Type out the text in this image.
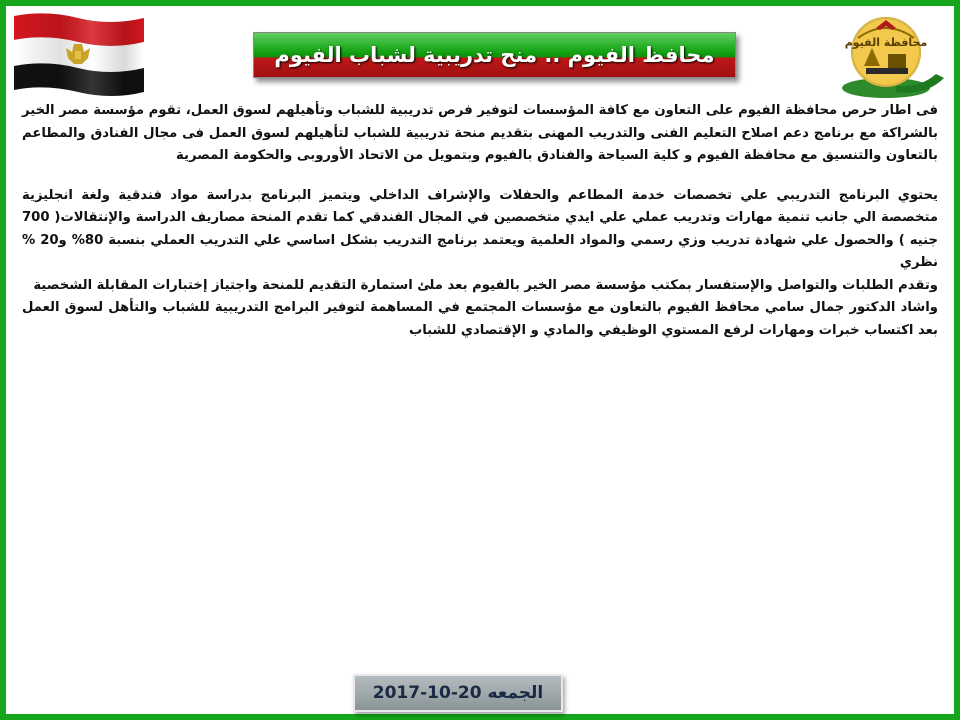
محافظة الفيوم
محافظ الفيوم .. منح تدريبية لشباب الفيوم

فى اطار حرص محافظة الفيوم على التعاون مع كافة المؤسسات لتوفير فرص تدريبية للشباب وتأهيلهم لسوق العمل، تقوم مؤسسة مصر الخير بالشراكة مع برنامج دعم اصلاح التعليم الفنى والتدريب المهنى بتقديم منحة تدريبية للشباب لتأهيلهم لسوق العمل فى مجال الفنادق والمطاعم بالتعاون والتنسيق مع محافظة الفيوم و كلية السياحة والفنادق بالفيوم وبتمويل من الاتحاد الأوروبى والحكومة المصرية

يحتوي البرنامج التدريبي علي تخصصات خدمة المطاعم والحفلات والإشراف الداخلي ويتميز البرنامج بدراسة مواد فندقية ولغة انجليزية متخصصة الي جانب تنمية مهارات وتدريب عملي علي ايدي متخصصين في المجال الفندقي كما تقدم المنحة مصاريف الدراسة والإنتقالات( 700 جنيه ) والحصول علي شهادة تدريب وزي رسمي والمواد العلمية ويعتمد برنامج التدريب بشكل اساسي علي التدريب العملي بنسبة 80% و20 % نظري

وتقدم الطلبات والتواصل والإستفسار بمكتب مؤسسة مصر الخير بالفيوم بعد ملئ استمارة التقديم للمنحة واجتياز إختبارات المقابلة الشخصية

واشاد الدكتور جمال سامي محافظ الفيوم بالتعاون مع مؤسسات المجتمع في المساهمة لتوفير البرامج التدريبية للشباب والتأهل لسوق العمل بعد اكتساب خبرات ومهارات لرفع المستوي الوظيفي والمادي و الإقتصادي للشباب

الجمعه 20-10-2017
